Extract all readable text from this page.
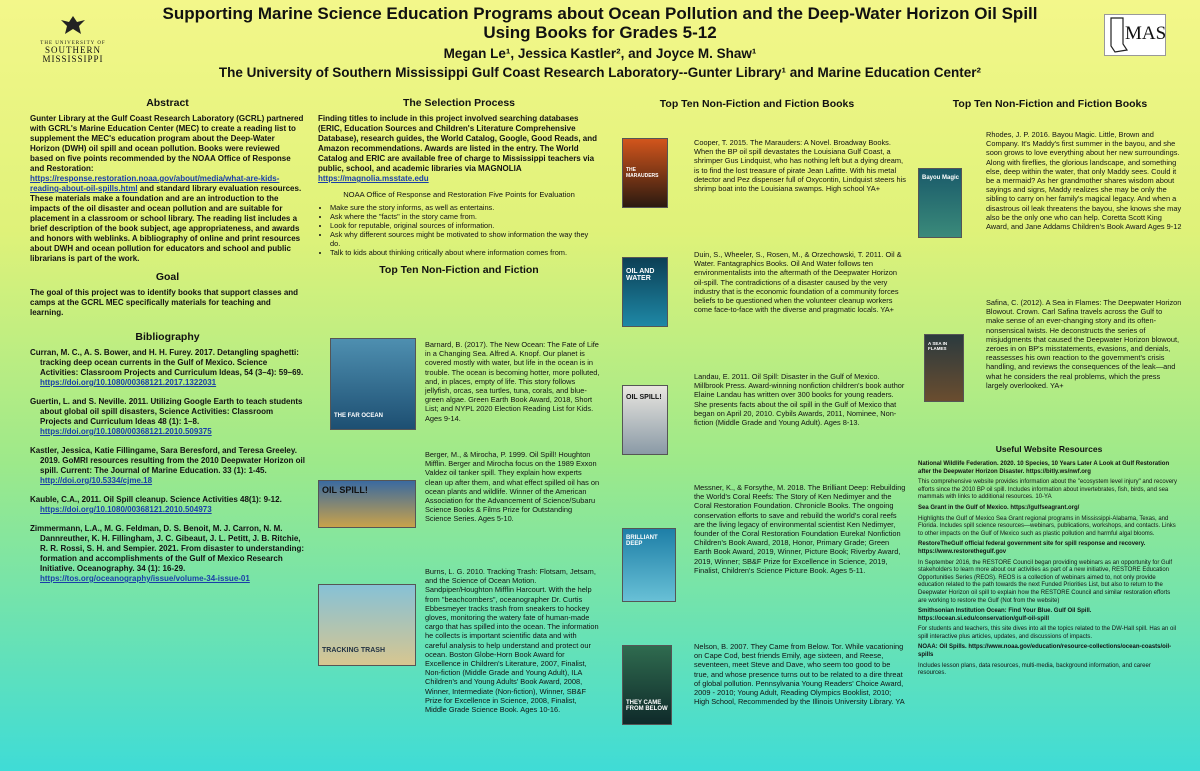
THE UNIVERSITY OF
SOUTHERN
MISSISSIPPI
Supporting Marine Science Education Programs about Ocean Pollution and the Deep-Water Horizon Oil Spill
Using Books for Grades 5-12
Megan Le¹, Jessica Kastler², and Joyce M. Shaw¹
The University of Southern Mississippi Gulf Coast Research Laboratory--Gunter Library¹ and Marine Education Center²
MAS
Abstract

Gunter Library at the Gulf Coast Research Laboratory (GCRL) partnered with GCRL's Marine Education Center (MEC) to create a reading list to supplement the MEC's education program about the Deep-Water Horizon (DWH) oil spill and ocean pollution. Books were reviewed based on five points recommended by the NOAA Office of Response and Restoration: https://response.restoration.noaa.gov/about/media/what-are-kids-reading-about-oil-spills.html and standard library evaluation resources. These materials make a foundation and are an introduction to the impacts of the oil disaster and ocean pollution and are suitable for placement in a classroom or school library. The reading list includes a brief description of the book subject, age appropriateness, and awards and honors with weblinks. A bibliography of online and print resources about DWH and ocean pollution for educators and school and public librarians is part of the work.

Goal

The goal of this project was to identify books that support classes and camps at the GCRL MEC specifically materials for teaching and learning.

Bibliography

Curran, M. C., A. S. Bower, and H. H. Furey. 2017. Detangling spaghetti: tracking deep ocean currents in the Gulf of Mexico. Science Activities: Classroom Projects and Curriculum Ideas, 54 (3–4): 59–69. https://doi.org/10.1080/00368121.2017.1322031

Guertin, L. and S. Neville. 2011. Utilizing Google Earth to teach students about global oil spill disasters, Science Activities: Classroom Projects and Curriculum Ideas 48 (1): 1–8. https://doi.org/10.1080/00368121.2010.509375

Kastler, Jessica, Katie Fillingame, Sara Beresford, and Teresa Greeley. 2019. GoMRI resources resulting from the 2010 Deepwater Horizon oil spill. Current: The Journal of Marine Education. 33 (1): 1-45. http://doi.org/10.5334/cjme.18

Kauble, C.A., 2011. Oil Spill cleanup. Science Activities 48(1): 9-12. https://doi.org/10.1080/00368121.2010.504973

Zimmermann, L.A., M. G. Feldman, D. S. Benoit, M. J. Carron, N. M. Dannreuther, K. H. Fillingham, J. C. Gibeaut, J. L. Petitt, J. B. Ritchie, R. R. Rossi, S. H. and Sempier. 2021. From disaster to understanding: formation and accomplishments of the Gulf of Mexico Research Initiative. Oceanography. 34 (1): 16-29. https://tos.org/oceanography/issue/volume-34-issue-01

The Selection Process

Finding titles to include in this project involved searching databases (ERIC, Education Sources and Children's Literature Comprehensive Database), research guides, the World Catalog, Google, Good Reads, and Amazon recommendations. Awards are listed in the entry. The World Catalog and ERIC are available free of charge to Mississippi teachers via public, school, and academic libraries via MAGNOLIA https://magnolia.msstate.edu

NOAA Office of Response and Restoration Five Points for Evaluation
• Make sure the story informs, as well as entertains.
• Ask where the "facts" in the story came from.
• Look for reputable, original sources of information.
• Ask why different sources might be motivated to show information the way they do.
• Talk to kids about thinking critically about where information comes from.
Top Ten Non-Fiction and Fiction
THE FAR OCEAN
Barnard, B. (2017). The New Ocean: The Fate of Life in a Changing Sea. Alfred A. Knopf. Our planet is covered mostly with water, but life in the ocean is in trouble. The ocean is becoming hotter, more polluted, and, in places, empty of life. This story follows jellyfish, orcas, sea turtles, tuna, corals, and blue-green algae. Green Earth Book Award, 2018, Short List; and NYPL 2020 Election Reading List for Kids. Ages 9-14.
OIL SPILL!
Berger, M., & Mirocha, P. 1999. Oil Spill! Houghton Mifflin. Berger and Mirocha focus on the 1989 Exxon Valdez oil tanker spill. They explain how experts clean up after them, and what effect spilled oil has on ocean plants and wildlife. Winner of the American Association for the Advancement of Science/Subaru Science Books & Films Prize for Outstanding Science Series. Ages 5-10.
TRACKING TRASH
Burns, L. G. 2010. Tracking Trash: Flotsam, Jetsam, and the Science of Ocean Motion. Sandpiper/Houghton Mifflin Harcourt. With the help from "beachcombers", oceanographer Dr. Curtis Ebbesmeyer tracks trash from sneakers to hockey gloves, monitoring the watery fate of human-made cargo that has spilled into the ocean. The information he collects is important scientific data and with careful analysis to help understand and protect our ocean. Boston Globe-Horn Book Award for Excellence in Children's Literature, 2007, Finalist, Non-fiction (Middle Grade and Young Adult), ILA Children's and Young Adults' Book Award, 2008, Winner, Intermediate (Non-fiction), Winner, SB&F Prize for Excellence in Science, 2008, Finalist, Middle Grade Science Book. Ages 10-16.
Top Ten Non-Fiction and Fiction Books
THE MARAUDERS
Cooper, T. 2015. The Marauders: A Novel. Broadway Books. When the BP oil spill devastates the Louisiana Gulf Coast, a shrimper Gus Lindquist, who has nothing left but a dying dream, is to find the lost treasure of pirate Jean Lafitte. With his metal detector and Pez dispenser full of Oxycontin, Lindquist steers his shrimp boat into the Louisiana swamps. High school YA+
OIL AND WATER
Duin, S., Wheeler, S., Rosen, M., & Orzechowski, T. 2011. Oil & Water. Fantagraphics Books. Oil And Water follows ten environmentalists into the aftermath of the Deepwater Horizon oil-spill. The contradictions of a disaster caused by the very industry that is the economic foundation of a community forces beliefs to be questioned when the volunteer cleanup workers come face-to-face with the diverse and pragmatic locals. YA+
OIL SPILL!
Landau, E. 2011. Oil Spill: Disaster in the Gulf of Mexico. Millbrook Press. Award-winning nonfiction children's book author Elaine Landau has written over 300 books for young readers. She presents facts about the oil spill in the Gulf of Mexico that began on April 20, 2010. Cybils Awards, 2011, Nominee, Non-fiction (Middle Grade and Young Adult). Ages 8-13.
BRILLIANT DEEP
Messner, K., & Forsythe, M. 2018. The Brilliant Deep: Rebuilding the World's Coral Reefs: The Story of Ken Nedimyer and the Coral Restoration Foundation. Chronicle Books. The ongoing conservation efforts to save and rebuild the world's coral reefs are the living legacy of environmental scientist Ken Nedimyer, founder of the Coral Restoration Foundation Eureka! Nonfiction Children's Book Award, 2018, Honor, Primary Grade; Green Earth Book Award, 2019, Winner, Picture Book; Riverby Award, 2019, Winner; SB&F Prize for Excellence in Science, 2019, Finalist, Children's Science Picture Book. Ages 5-11.
THEY CAME FROM BELOW
Nelson, B. 2007. They Came from Below. Tor. While vacationing on Cape Cod, best friends Emily, age sixteen, and Reese, seventeen, meet Steve and Dave, who seem too good to be true, and whose presence turns out to be related to a dire threat of global pollution. Pennsylvania Young Readers' Choice Award, 2009 - 2010; Young Adult, Reading Olympics Booklist, 2010; High School, Recommended by the Illinois University Library. YA
Top Ten Non-Fiction and Fiction Books
Bayou Magic
Rhodes, J. P. 2016. Bayou Magic. Little, Brown and Company. It's Maddy's first summer in the bayou, and she soon grows to love everything about her new surroundings. Along with fireflies, the glorious landscape, and something else, deep within the water, that only Maddy sees. Could it be a mermaid? As her grandmother shares wisdom about sayings and signs, Maddy realizes she may be only the sibling to carry on her family's magical legacy. And when a disastrous oil leak threatens the bayou, she knows she may also be the only one who can help. Coretta Scott King Award, and Jane Addams Children's Book Award Ages 9-12
A SEA IN FLAMES
Safina, C. (2012). A Sea in Flames: The Deepwater Horizon Blowout. Crown. Carl Safina travels across the Gulf to make sense of an ever-changing story and its often-nonsensical twists. He deconstructs the series of misjudgments that caused the Deepwater Horizon blowout, zeroes in on BP's misstatements, evasions, and denials, reassesses his own reaction to the government's crisis handling, and reviews the consequences of the leak—and what he considers the real problems, which the press largely overlooked. YA+
Useful Website Resources

National Wildlife Federation. 2020. 10 Species, 10 Years Later A Look at Gulf Restoration after the Deepwater Horizon Disaster. https://bitly.ws/nwf.org

This comprehensive website provides information about the "ecosystem level injury" and recovery efforts since the 2010 BP oil spill. Includes information about invertebrates, fish, birds, and sea mammals with links to additional resources. 10-YA

Sea Grant in the Gulf of Mexico. https://gulfseagrant.org/

Highlights the Gulf of Mexico Sea Grant regional programs in Mississippi-Alabama, Texas, and Florida. Includes spill science resources—webinars, publications, workshops, and contacts. Links to other impacts on the Gulf of Mexico such as plastic pollution and harmful algal blooms.

RestoreTheGulf official federal government site for spill response and recovery. https://www.restorethegulf.gov

In September 2016, the RESTORE Council began providing webinars as an opportunity for Gulf stakeholders to learn more about our activities as part of a new initiative, RESTORE Education Opportunities Series (REOS). REOS is a collection of webinars aimed to, not only provide education related to the path towards the next Funded Priorities List, but also to return to the Deepwater Horizon oil spill to explain how the RESTORE Council and similar restoration efforts are working to restore the Gulf (Not from the website)

Smithsonian Institution Ocean: Find Your Blue. Gulf Oil Spill. https://ocean.si.edu/conservation/gulf-oil-spill

For students and teachers, this site dives into all the topics related to the DW-Hall spill. Has an oil spill interactive plus articles, updates, and discussions of impacts.

NOAA: Oil Spills. https://www.noaa.gov/education/resource-collections/ocean-coasts/oil-spills

Includes lesson plans, data resources, multi-media, background information, and career resources.
